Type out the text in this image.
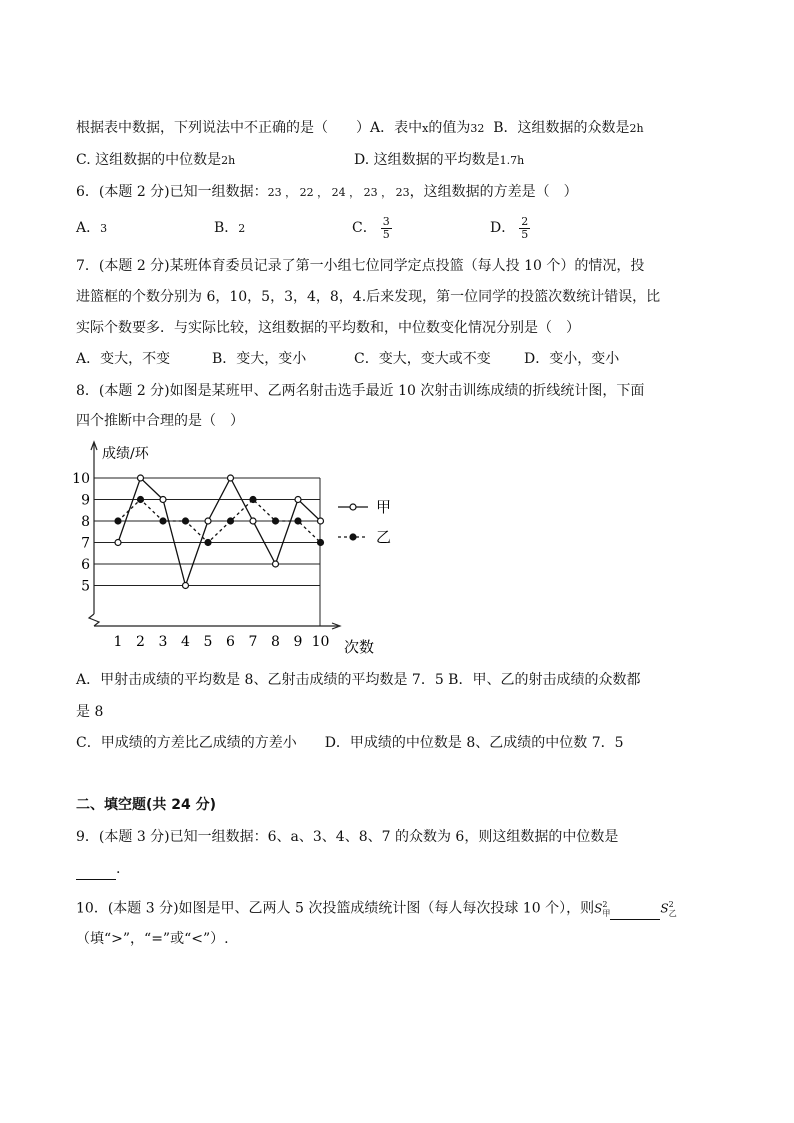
根据表中数据，下列说法中不正确的是（　　）A．表中x的值为32 B．这组数据的众数是2h
C. 这组数据的中位数是2h	D. 这组数据的平均数是1.7h
6．(本题 2 分)已知一组数据：23 ， 22 ， 24 ， 23 ， 23，这组数据的方差是（　）
A．3	B．2	C． $\frac{3}{5}$	D． $\frac{2}{5}$
7．(本题 2 分)某班体育委员记录了第一小组七位同学定点投篮（每人投 10 个）的情况，投
进篮框的个数分别为 6，10，5，3，4，8，4.后来发现，第一位同学的投篮次数统计错误，比
实际个数要多．与实际比较，这组数据的平均数和，中位数变化情况分别是（　）
A．变大，不变	B．变大，变小	C．变大，变大或不变 D．变小，变小
8．(本题 2 分)如图是某班甲、乙两名射击选手最近 10 次射击训练成绩的折线统计图，下面
四个推断中合理的是（　）
成绩/环
次数
5
6
7
8
9
10
1 2 3 4 5 6 7 8 9 10
甲
乙
A．甲射击成绩的平均数是 8、乙射击成绩的平均数是 7．5 B．甲、乙的射击成绩的众数都
是 8
C．甲成绩的方差比乙成绩的方差小　　D．甲成绩的中位数是 8、乙成绩的中位数 7．5
二、填空题(共 24 分)
9．(本题 3 分)已知一组数据：6、a、3、4、8、7 的众数为 6，则这组数据的中位数是
.
10．(本题 3 分)如图是甲、乙两人 5 次投篮成绩统计图（每人每次投球 10 个），则$S^2_甲$	$S^2_乙$
（填“>”，“=”或“<”）.
